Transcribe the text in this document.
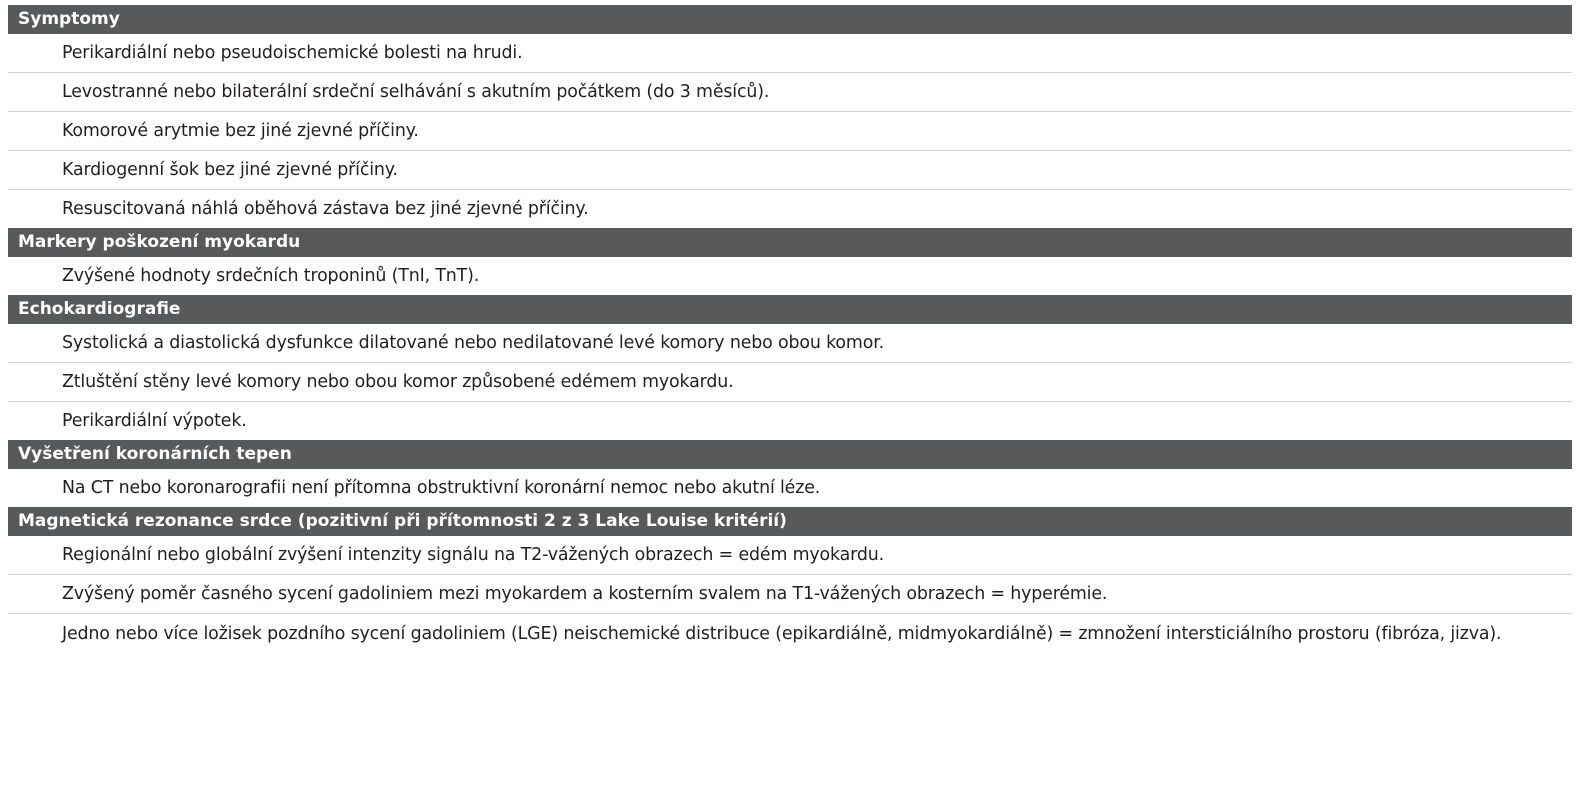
Symptomy
Perikardiální nebo pseudoischemické bolesti na hrudi.
Levostranné nebo bilaterální srdeční selhávání s akutním počátkem (do 3 měsíců).
Komorové arytmie bez jiné zjevné příčiny.
Kardiogenní šok bez jiné zjevné příčiny.
Resuscitovaná náhlá oběhová zástava bez jiné zjevné příčiny.
Markery poškození myokardu
Zvýšené hodnoty srdečních troponinů (TnI, TnT).
Echokardiografie
Systolická a diastolická dysfunkce dilatované nebo nedilatované levé komory nebo obou komor.
Ztluštění stěny levé komory nebo obou komor způsobené edémem myokardu.
Perikardiální výpotek.
Vyšetření koronárních tepen
Na CT nebo koronarografii není přítomna obstruktivní koronární nemoc nebo akutní léze.
Magnetická rezonance srdce (pozitivní při přítomnosti 2 z 3 Lake Louise kritérií)
Regionální nebo globální zvýšení intenzity signálu na T2-vážených obrazech = edém myokardu.
Zvýšený poměr časného sycení gadoliniem mezi myokardem a kosterním svalem na T1-vážených obrazech = hyperémie.
Jedno nebo více ložisek pozdního sycení gadoliniem (LGE) neischemické distribuce (epikardiálně, midmyokardiálně) = zmnožení intersticiálního prostoru (fibróza, jizva).
